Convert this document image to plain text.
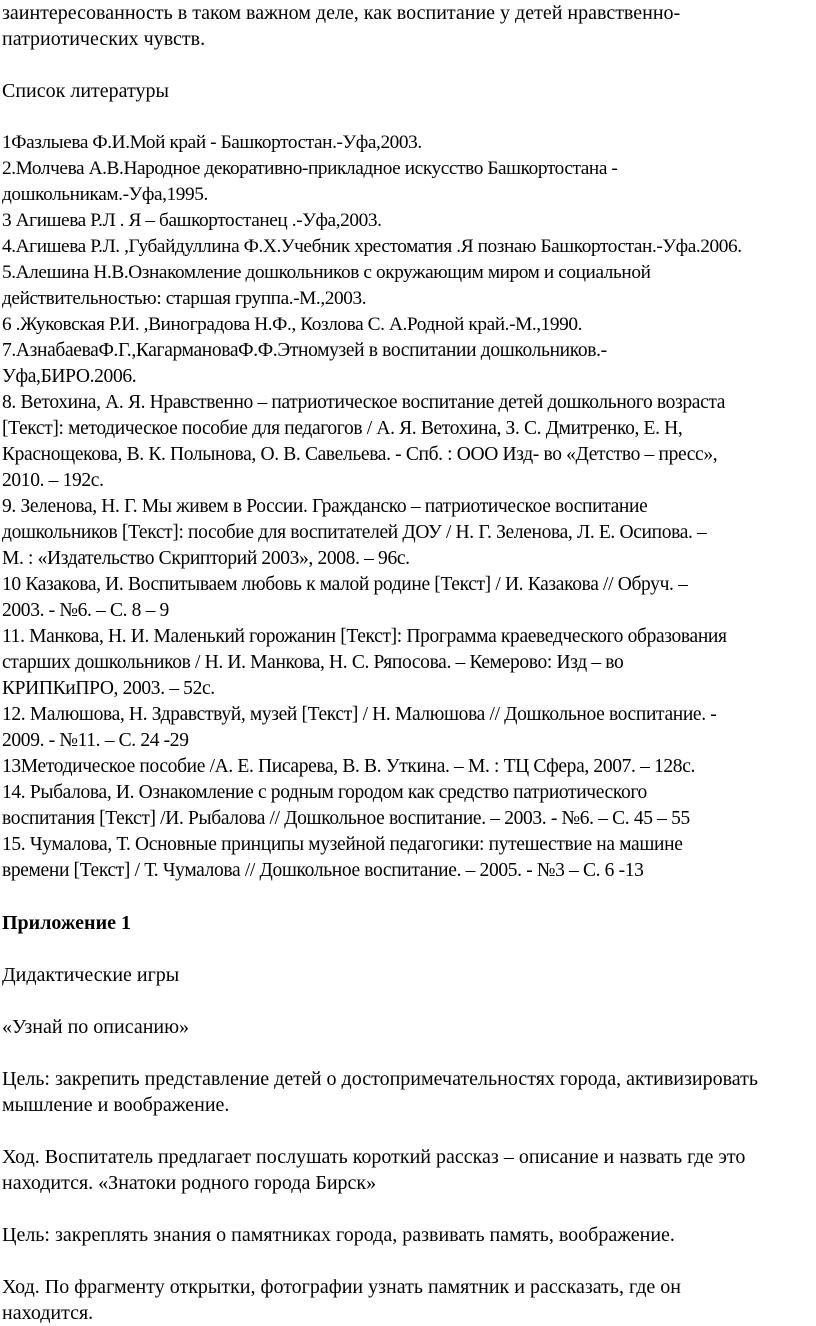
заинтересованность в таком важном деле, как воспитание у детей нравственно-

патриотических чувств.

Список литературы

1Фазлыева Ф.И.Мой край - Башкортостан.-Уфа,2003.

2.Молчева А.В.Народное декоративно-прикладное искусство Башкортостана -

дошкольникам.-Уфа,1995.

3 Агишева Р.Л . Я – башкортостанец .-Уфа,2003.

4.Агишева Р.Л. ,Губайдуллина Ф.Х.Учебник хрестоматия .Я познаю Башкортостан.-Уфа.2006.

5.Алешина Н.В.Ознакомление дошкольников с окружающим миром и социальной

действительностью: старшая группа.-М.,2003.

6 .Жуковская Р.И. ,Виноградова Н.Ф., Козлова С. А.Родной край.-М.,1990.

7.АзнабаеваФ.Г.,КагармановаФ.Ф.Этномузей в воспитании дошкольников.-

Уфа,БИРО.2006.

8. Ветохина, А. Я. Нравственно – патриотическое воспитание детей дошкольного возраста

[Текст]: методическое пособие для педагогов / А. Я. Ветохина, З. С. Дмитренко, Е. Н,

Краснощекова, В. К. Полынова, О. В. Савельева. - Спб. : ООО Изд- во «Детство – пресс»,

2010. – 192с.

9. Зеленова, Н. Г. Мы живем в России. Гражданско – патриотическое воспитание

дошкольников [Текст]: пособие для воспитателей ДОУ / Н. Г. Зеленова, Л. Е. Осипова. –

М. : «Издательство Скрипторий 2003», 2008. – 96с.

10 Казакова, И. Воспитываем любовь к малой родине [Текст] / И. Казакова // Обруч. –

2003. - №6. – С. 8 – 9

11. Манкова, Н. И. Маленький горожанин [Текст]: Программа краеведческого образования

старших дошкольников / Н. И. Манкова, Н. С. Ряпосова. – Кемерово: Изд – во

КРИПКиПРО, 2003. – 52с.

12. Малюшова, Н. Здравствуй, музей [Текст] / Н. Малюшова // Дошкольное воспитание. -

2009. - №11. – С. 24 -29

13Методическое пособие /А. Е. Писарева, В. В. Уткина. – М. : ТЦ Сфера, 2007. – 128с.

14. Рыбалова, И. Ознакомление с родным городом как средство патриотического

воспитания [Текст] /И. Рыбалова // Дошкольное воспитание. – 2003. - №6. – С. 45 – 55

15. Чумалова, Т. Основные принципы музейной педагогики: путешествие на машине

времени [Текст] / Т. Чумалова // Дошкольное воспитание. – 2005. - №3 – С. 6 -13

Приложение 1

Дидактические игры

«Узнай по описанию»

Цель: закрепить представление детей о достопримечательностях города, активизировать

мышление и воображение.

Ход. Воспитатель предлагает послушать короткий рассказ – описание и назвать где это

находится. «Знатоки родного города Бирск»

Цель: закреплять знания о памятниках города, развивать память, воображение.

Ход. По фрагменту открытки, фотографии узнать памятник и рассказать, где он

находится.
